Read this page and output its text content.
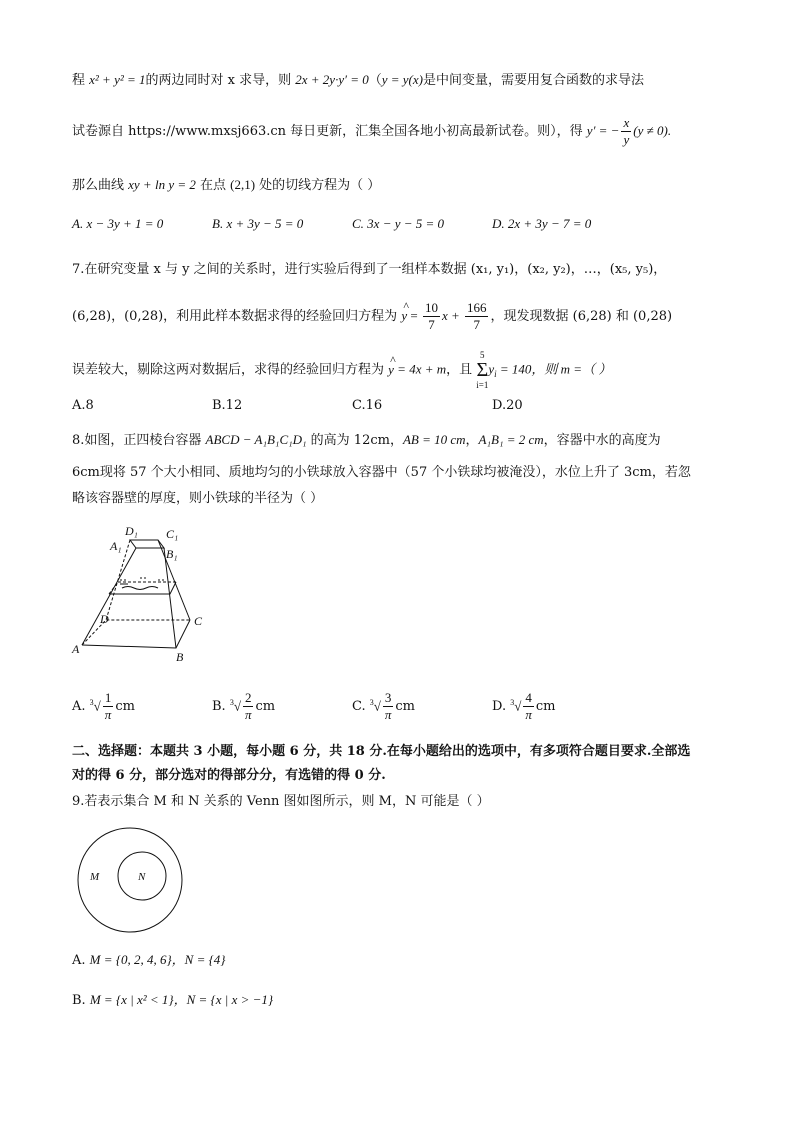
程 x² + y² = 1的两边同时对 x 求导，则 2x + 2y·y′ = 0（y = y(x)是中间变量，需要用复合函数的求导法
试卷源自 https://www.mxsj663.cn 每日更新，汇集全国各地小初高最新试卷。则），得 y′ = − $\frac{x}{y} (y \ne 0)$.
那么曲线 xy + ln y = 2 在点 (2,1) 处的切线方程为（ ）
A. x − 3y + 1 = 0	B. x + 3y − 5 = 0	C. 3x − y − 5 = 0	D. 2x + 3y − 7 = 0
7.在研究变量 x 与 y 之间的关系时，进行实验后得到了一组样本数据 (x₁, y₁)，(x₂, y₂)，…，(x₅, y₅)，
(6,28)，(0,28)，利用此样本数据求得的经验回归方程为 ^ $y = \frac{10}{7}$ $x + \frac{166}{7}$ ，现发现数据 (6,28) 和 (0,28)
误差较大，剔除这两对数据后，求得的经验回归方程为 ^ y = 4x + m，且
5
Σ
i=1
$y_i = 140$，则 m =（ ）
A.8	B.12	C.16	D.20
8.如图，正四棱台容器 ABCD − A₁B₁C₁D₁ 的高为 12cm，AB = 10 cm，A₁B₁ = 2 cm，容器中水的高度为
6cm现将 57 个大小相同、质地均匀的小铁球放入容器中（57 个小铁球均被淹没），水位上升了 3cm，若忽
略该容器壁的厚度，则小铁球的半径为（ ）
D₁ C₁
A₁
B₁
D	C
A
B
A. $^3√ \frac{1}{\pi}$ cm	B. $^3√ \frac{2}{\pi}$ cm	C. $^3√ \frac{3}{\pi}$ cm	D. $^3√ \frac{4}{\pi}$ cm
二、选择题：本题共 3 小题，每小题 6 分，共 18 分.在每小题给出的选项中，有多项符合题目要求.全部选
对的得 6 分，部分选对的得部分分，有选错的得 0 分.
9.若表示集合 M 和 N 关系的 Venn 图如图所示，则 M，N 可能是（ ）
M	N
A. M = {0, 2, 4, 6}，N = {4}
B. M = {x | x² < 1}，N = {x | x > −1}
